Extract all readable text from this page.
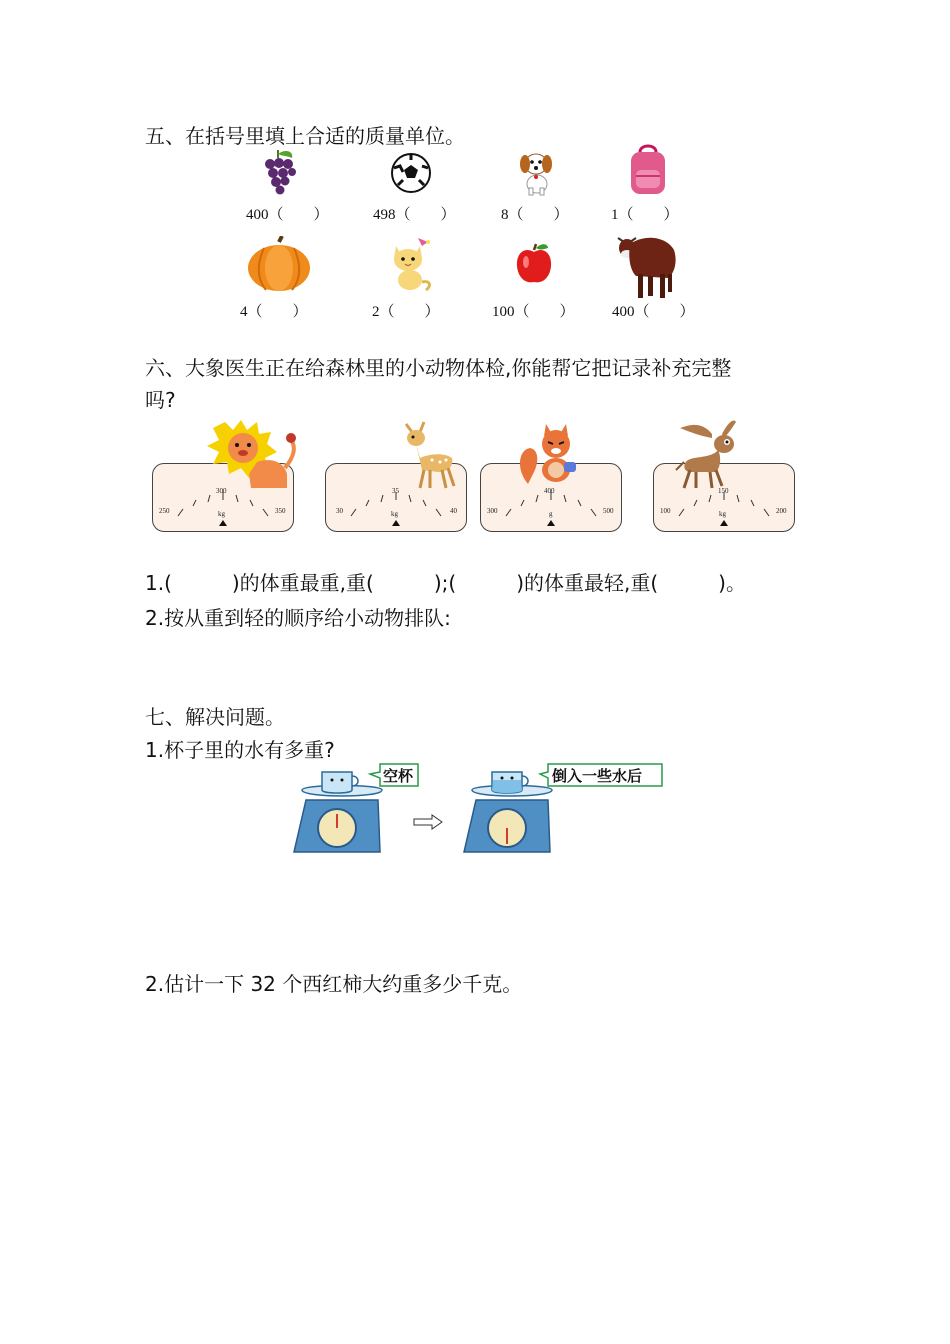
五、在括号里填上合适的质量单位。
400（　　）	498（　　）	8（　　）	1（　　）
4（　　）	2（　　）	100（　　） 400（　　）
六、大象医生正在给森林里的小动物体检,你能帮它把记录补充完整
吗?
250
300
350
kg	30
35
40
kg	300
400
500
g	100
150
200
kg
1.(　　　)的体重最重,重(　　　);(　　　)的体重最轻,重(　　　)。
2.按从重到轻的顺序给小动物排队:
七、解决问题。
1.杯子里的水有多重?
空杯	倒入一些水后
2.估计一下 32 个西红柿大约重多少千克。
